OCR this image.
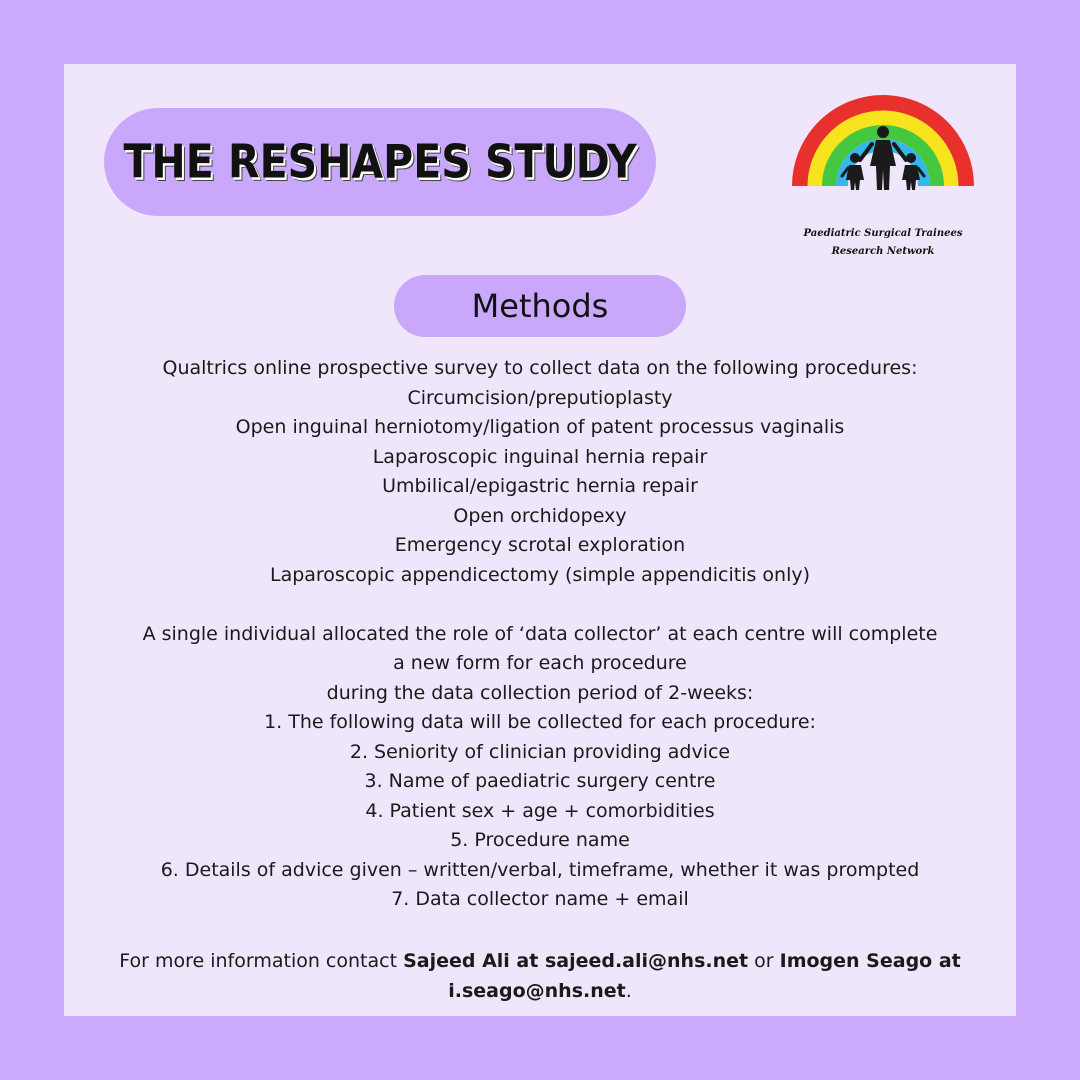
THE RESHAPES STUDY
Paediatric Surgical Trainees
Research Network
Methods
Qualtrics online prospective survey to collect data on the following procedures:
Circumcision/preputioplasty
Open inguinal herniotomy/ligation of patent processus vaginalis
Laparoscopic inguinal hernia repair
Umbilical/epigastric hernia repair
Open orchidopexy
Emergency scrotal exploration
Laparoscopic appendicectomy (simple appendicitis only)
A single individual allocated the role of ‘data collector’ at each centre will complete
a new form for each procedure
during the data collection period of 2-weeks:
1. The following data will be collected for each procedure:
2. Seniority of clinician providing advice
3. Name of paediatric surgery centre
4. Patient sex + age + comorbidities
5. Procedure name
6. Details of advice given – written/verbal, timeframe, whether it was prompted
7. Data collector name + email
For more information contact Sajeed Ali at sajeed.ali@nhs.net or Imogen Seago at
i.seago@nhs.net.
